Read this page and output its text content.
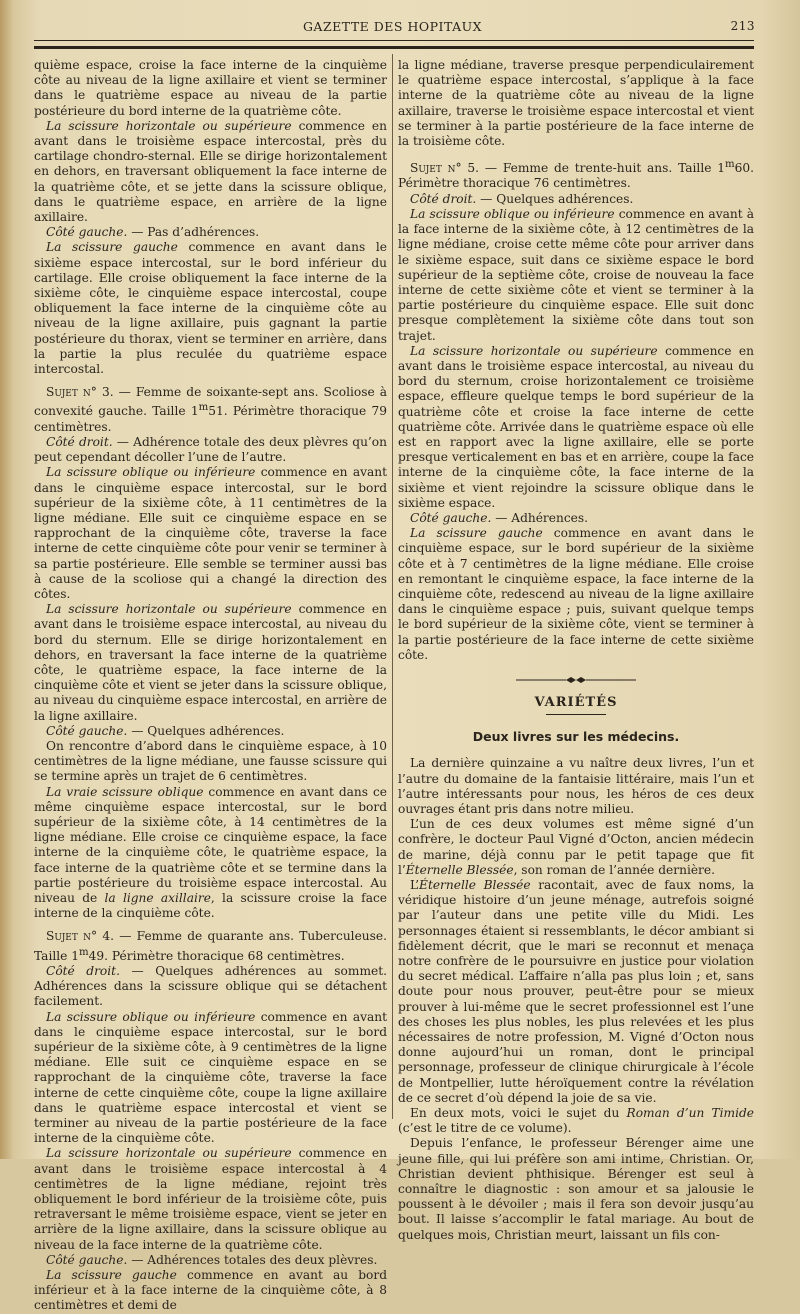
GAZETTE DES HOPITAUX	213

quième espace, croise la face interne de la cinquième côte au niveau de la ligne axillaire et vient se terminer dans le quatrième espace au niveau de la partie postérieure du bord interne de la quatrième côte.

La scissure horizontale ou supérieure commence en avant dans le troisième espace intercostal, près du cartilage chondro-sternal. Elle se dirige horizontalement en dehors, en traversant obliquement la face interne de la quatrième côte, et se jette dans la scissure oblique, dans le quatrième espace, en arrière de la ligne axillaire.

Côté gauche. — Pas d’adhérences.

La scissure gauche commence en avant dans le sixième espace intercostal, sur le bord inférieur du cartilage. Elle croise obliquement la face interne de la sixième côte, le cinquième espace intercostal, coupe obliquement la face interne de la cinquième côte au niveau de la ligne axillaire, puis gagnant la partie postérieure du thorax, vient se terminer en arrière, dans la partie la plus reculée du quatrième espace intercostal.

Sujet n° 3. — Femme de soixante-sept ans. Scoliose à convexité gauche. Taille 1$^m$51. Périmètre thoracique 79 centimètres.

Côté droit. — Adhérence totale des deux plèvres qu’on peut cependant décoller l’une de l’autre.

La scissure oblique ou inférieure commence en avant dans le cinquième espace intercostal, sur le bord supérieur de la sixième côte, à 11 centimètres de la ligne médiane. Elle suit ce cinquième espace en se rapprochant de la cinquième côte, traverse la face interne de cette cinquième côte pour venir se terminer à sa partie postérieure. Elle semble se terminer aussi bas à cause de la scoliose qui a changé la direction des côtes.

La scissure horizontale ou supérieure commence en avant dans le troisième espace intercostal, au niveau du bord du sternum. Elle se dirige horizontalement en dehors, en traversant la face interne de la quatrième côte, le quatrième espace, la face interne de la cinquième côte et vient se jeter dans la scissure oblique, au niveau du cinquième espace intercostal, en arrière de la ligne axillaire.

Côté gauche. — Quelques adhérences.

On rencontre d’abord dans le cinquième espace, à 10 centimètres de la ligne médiane, une fausse scissure qui se termine après un trajet de 6 centimètres.

La vraie scissure oblique commence en avant dans ce même cinquième espace intercostal, sur le bord supérieur de la sixième côte, à 14 centimètres de la ligne médiane. Elle croise ce cinquième espace, la face interne de la cinquième côte, le quatrième espace, la face interne de la quatrième côte et se termine dans la partie postérieure du troisième espace intercostal. Au niveau de la ligne axillaire, la scissure croise la face interne de la cinquième côte.

Sujet n° 4. — Femme de quarante ans. Tuberculeuse. Taille 1$^m$49. Périmètre thoracique 68 centimètres.

Côté droit. — Quelques adhérences au sommet. Adhérences dans la scissure oblique qui se détachent facilement.

La scissure oblique ou inférieure commence en avant dans le cinquième espace intercostal, sur le bord supérieur de la sixième côte, à 9 centimètres de la ligne médiane. Elle suit ce cinquième espace en se rapprochant de la cinquième côte, traverse la face interne de cette cinquième côte, coupe la ligne axillaire dans le quatrième espace intercostal et vient se terminer au niveau de la partie postérieure de la face interne de la cinquième côte.

La scissure horizontale ou supérieure commence en avant dans le troisième espace intercostal à 4 centimètres de la ligne médiane, rejoint très obliquement le bord inférieur de la troisième côte, puis retraversant le même troisième espace, vient se jeter en arrière de la ligne axillaire, dans la scissure oblique au niveau de la face interne de la quatrième côte.

Côté gauche. — Adhérences totales des deux plèvres.

La scissure gauche commence en avant au bord inférieur et à la face interne de la cinquième côte, à 8 centimètres et demi de

la ligne médiane, traverse presque perpendiculairement le quatrième espace intercostal, s’applique à la face interne de la quatrième côte au niveau de la ligne axillaire, traverse le troisième espace intercostal et vient se terminer à la partie postérieure de la face interne de la troisième côte.

Sujet n° 5. — Femme de trente-huit ans. Taille 1$^m$60. Périmètre thoracique 76 centimètres.

Côté droit. — Quelques adhérences.

La scissure oblique ou inférieure commence en avant à la face interne de la sixième côte, à 12 centimètres de la ligne médiane, croise cette même côte pour arriver dans le sixième espace, suit dans ce sixième espace le bord supérieur de la septième côte, croise de nouveau la face interne de cette sixième côte et vient se terminer à la partie postérieure du cinquième espace. Elle suit donc presque complètement la sixième côte dans tout son trajet.

La scissure horizontale ou supérieure commence en avant dans le troisième espace intercostal, au niveau du bord du sternum, croise horizontalement ce troisième espace, effleure quelque temps le bord supérieur de la quatrième côte et croise la face interne de cette quatrième côte. Arrivée dans le quatrième espace où elle est en rapport avec la ligne axillaire, elle se porte presque verticalement en bas et en arrière, coupe la face interne de la cinquième côte, la face interne de la sixième et vient rejoindre la scissure oblique dans le sixième espace.

Côté gauche. — Adhérences.

La scissure gauche commence en avant dans le cinquième espace, sur le bord supérieur de la sixième côte et à 7 centimètres de la ligne médiane. Elle croise en remontant le cinquième espace, la face interne de la cinquième côte, redescend au niveau de la ligne axillaire dans le cinquième espace ; puis, suivant quelque temps le bord supérieur de la sixième côte, vient se terminer à la partie postérieure de la face interne de cette sixième côte.

VARIÉTÉS
Deux livres sur les médecins.

La dernière quinzaine a vu naître deux livres, l’un et l’autre du domaine de la fantaisie littéraire, mais l’un et l’autre intéressants pour nous, les héros de ces deux ouvrages étant pris dans notre milieu.

L’un de ces deux volumes est même signé d’un confrère, le docteur Paul Vigné d’Octon, ancien médecin de marine, déjà connu par le petit tapage que fit l’Éternelle Blessée, son roman de l’année dernière.

L’Éternelle Blessée racontait, avec de faux noms, la véridique histoire d’un jeune ménage, autrefois soigné par l’auteur dans une petite ville du Midi. Les personnages étaient si ressemblants, le décor ambiant si fidèlement décrit, que le mari se reconnut et menaça notre confrère de le poursuivre en justice pour violation du secret médical. L’affaire n’alla pas plus loin ; et, sans doute pour nous prouver, peut-être pour se mieux prouver à lui-même que le secret professionnel est l’une des choses les plus nobles, les plus relevées et les plus nécessaires de notre profession, M. Vigné d’Octon nous donne aujourd’hui un roman, dont le principal personnage, professeur de clinique chirurgicale à l’école de Montpellier, lutte héroïquement contre la révélation de ce secret d’où dépend la joie de sa vie.

En deux mots, voici le sujet du Roman d’un Timide (c’est le titre de ce volume).

Depuis l’enfance, le professeur Bérenger aime une jeune fille, qui lui préfère son ami intime, Christian. Or, Christian devient phthisique. Bérenger est seul à connaître le diagnostic : son amour et sa jalousie le poussent à le dévoiler ; mais il fera son devoir jusqu’au bout. Il laisse s’accomplir le fatal mariage. Au bout de quelques mois, Christian meurt, laissant un fils con-
